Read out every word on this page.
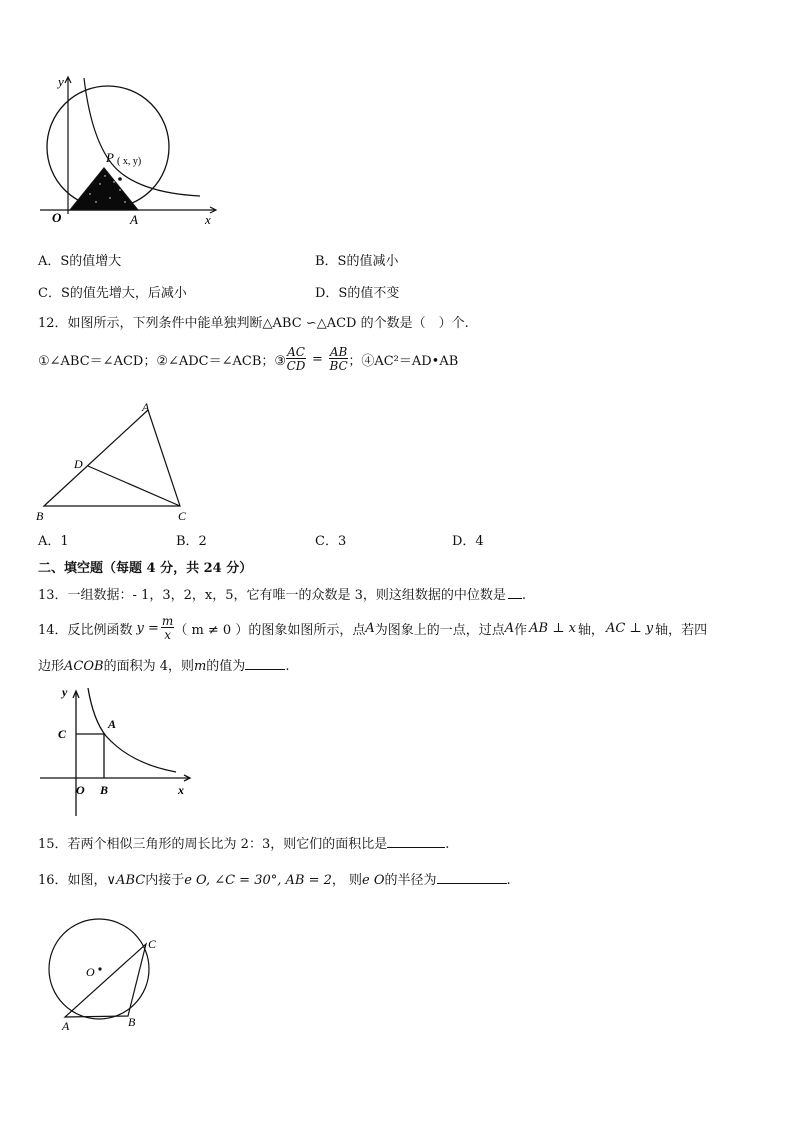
y
x
O	A
P ( x, y)
A．S的值增大	B．S的值减小
C．S的值先增大，后减小	D．S的值不变
12．如图所示，下列条件中能单独判断△ABC ∽△ACD 的个数是（　）个.
①∠ABC＝∠ACD；②∠ADC＝∠ACB；③ $\frac{AC}{CD} = \frac{AB}{BC}$ ；④AC²＝AD•AB
A
B	C
D
A．1	B．2	C．3	D．4
二、填空题（每题 4 分，共 24 分）
13．一组数据：- 1，3，2，x，5，它有唯一的众数是 3，则这组数据的中位数是 .
14．反比例函数 $y = \frac{m}{x}$ （ m ≠ 0 ）的图象如图所示，点 A 为图象上的一点，过点 A 作 AB ⊥ x 轴， AC ⊥ y 轴，若四
边形ACOB的面积为 4，则m的值为	.
y
x
O B
C
A
15．若两个相似三角形的周长比为 2：3，则它们的面积比是	.
16．如图，∨ABC内接于e O, ∠C = 30°, AB = 2， 则e O的半径为	.
O
A	B
C
